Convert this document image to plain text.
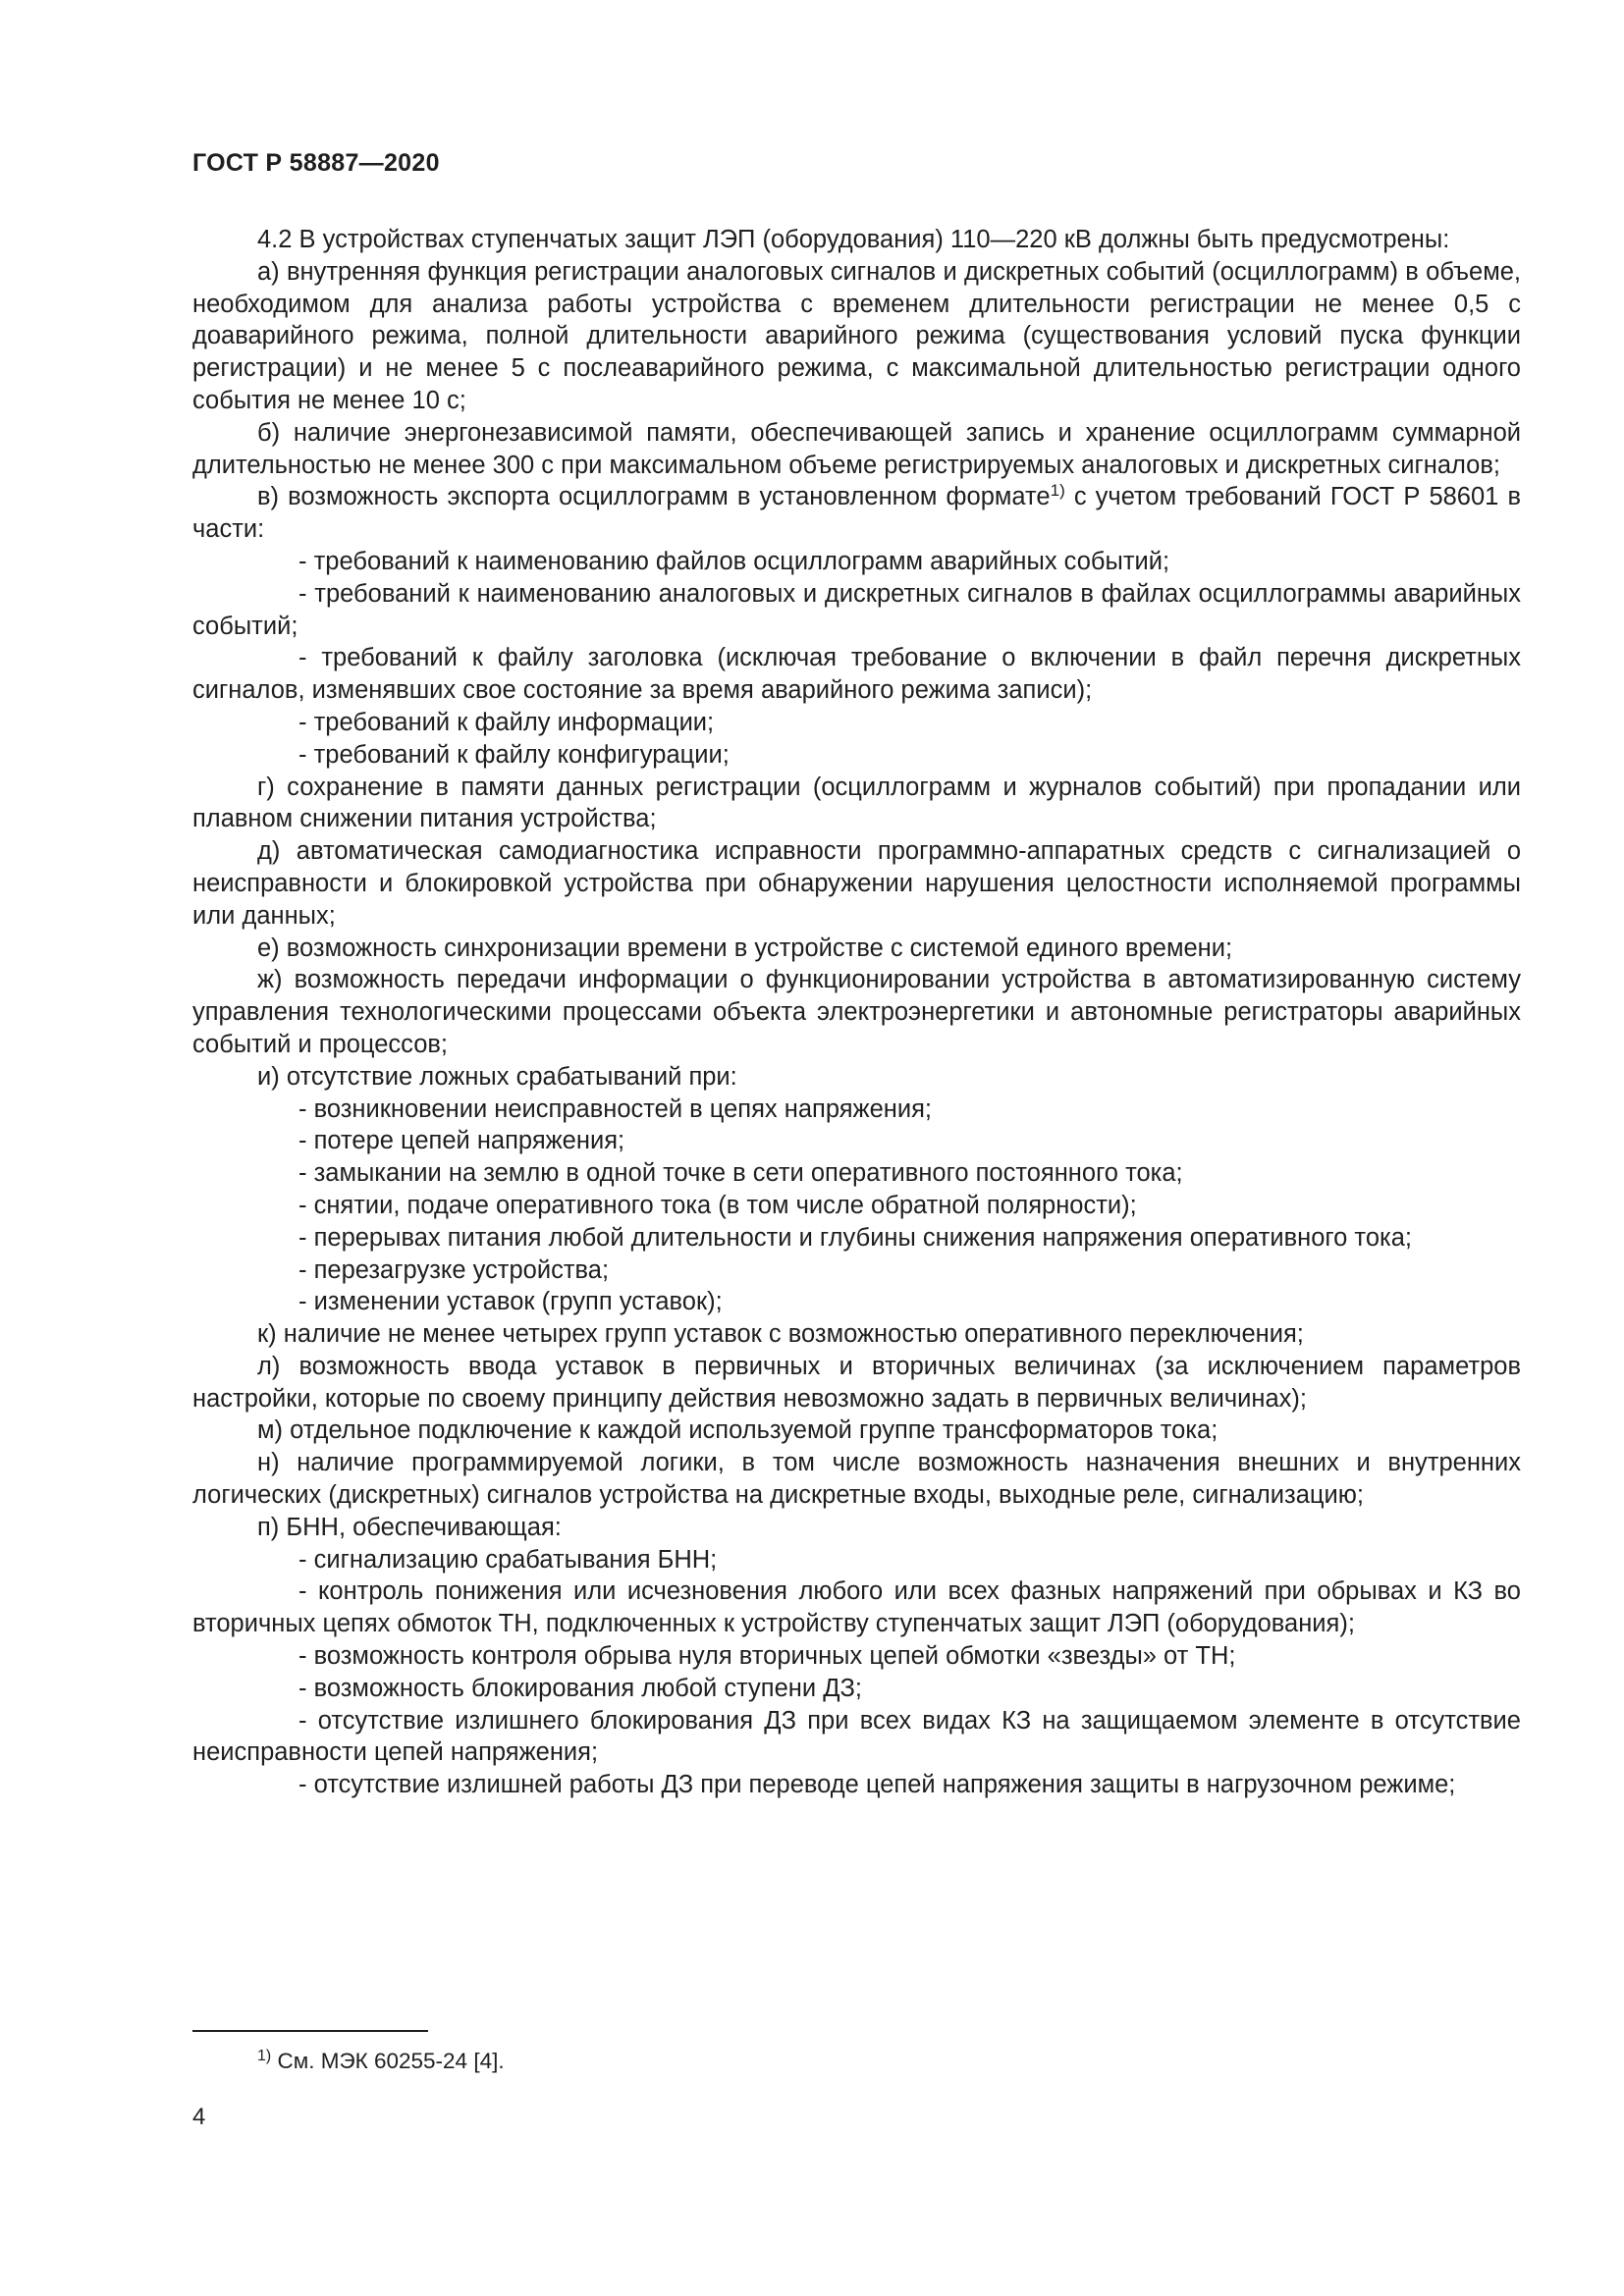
ГОСТ Р 58887—2020

4.2 В устройствах ступенчатых защит ЛЭП (оборудования) 110—220 кВ должны быть предусмотрены:

а) внутренняя функция регистрации аналоговых сигналов и дискретных событий (осциллограмм) в объеме, необходимом для анализа работы устройства с временем длительности регистрации не менее 0,5 с доаварийного режима, полной длительности аварийного режима (существования условий пуска функции регистрации) и не менее 5 с послеаварийного режима, с максимальной длительностью регистрации одного события не менее 10 с;

б) наличие энергонезависимой памяти, обеспечивающей запись и хранение осциллограмм суммарной длительностью не менее 300 с при максимальном объеме регистрируемых аналоговых и дискретных сигналов;

в) возможность экспорта осциллограмм в установленном формате$^{1)}$ с учетом требований ГОСТ Р 58601 в части:

- требований к наименованию файлов осциллограмм аварийных событий;

- требований к наименованию аналоговых и дискретных сигналов в файлах осциллограммы аварийных событий;

- требований к файлу заголовка (исключая требование о включении в файл перечня дискретных сигналов, изменявших свое состояние за время аварийного режима записи);

- требований к файлу информации;

- требований к файлу конфигурации;

г) сохранение в памяти данных регистрации (осциллограмм и журналов событий) при пропадании или плавном снижении питания устройства;

д) автоматическая самодиагностика исправности программно-аппаратных средств с сигнализацией о неисправности и блокировкой устройства при обнаружении нарушения целостности исполняемой программы или данных;

е) возможность синхронизации времени в устройстве с системой единого времени;

ж) возможность передачи информации о функционировании устройства в автоматизированную систему управления технологическими процессами объекта электроэнергетики и автономные регистраторы аварийных событий и процессов;

и) отсутствие ложных срабатываний при:

- возникновении неисправностей в цепях напряжения;

- потере цепей напряжения;

- замыкании на землю в одной точке в сети оперативного постоянного тока;

- снятии, подаче оперативного тока (в том числе обратной полярности);

- перерывах питания любой длительности и глубины снижения напряжения оперативного тока;

- перезагрузке устройства;

- изменении уставок (групп уставок);

к) наличие не менее четырех групп уставок с возможностью оперативного переключения;

л) возможность ввода уставок в первичных и вторичных величинах (за исключением параметров настройки, которые по своему принципу действия невозможно задать в первичных величинах);

м) отдельное подключение к каждой используемой группе трансформаторов тока;

н) наличие программируемой логики, в том числе возможность назначения внешних и внутренних логических (дискретных) сигналов устройства на дискретные входы, выходные реле, сигнализацию;

п) БНН, обеспечивающая:

- сигнализацию срабатывания БНН;

- контроль понижения или исчезновения любого или всех фазных напряжений при обрывах и КЗ во вторичных цепях обмоток ТН, подключенных к устройству ступенчатых защит ЛЭП (оборудования);

- возможность контроля обрыва нуля вторичных цепей обмотки «звезды» от ТН;

- возможность блокирования любой ступени ДЗ;

- отсутствие излишнего блокирования ДЗ при всех видах КЗ на защищаемом элементе в отсутствие неисправности цепей напряжения;

- отсутствие излишней работы ДЗ при переводе цепей напряжения защиты в нагрузочном режиме;

$^{1)}$ См. МЭК 60255-24 [4].
4
